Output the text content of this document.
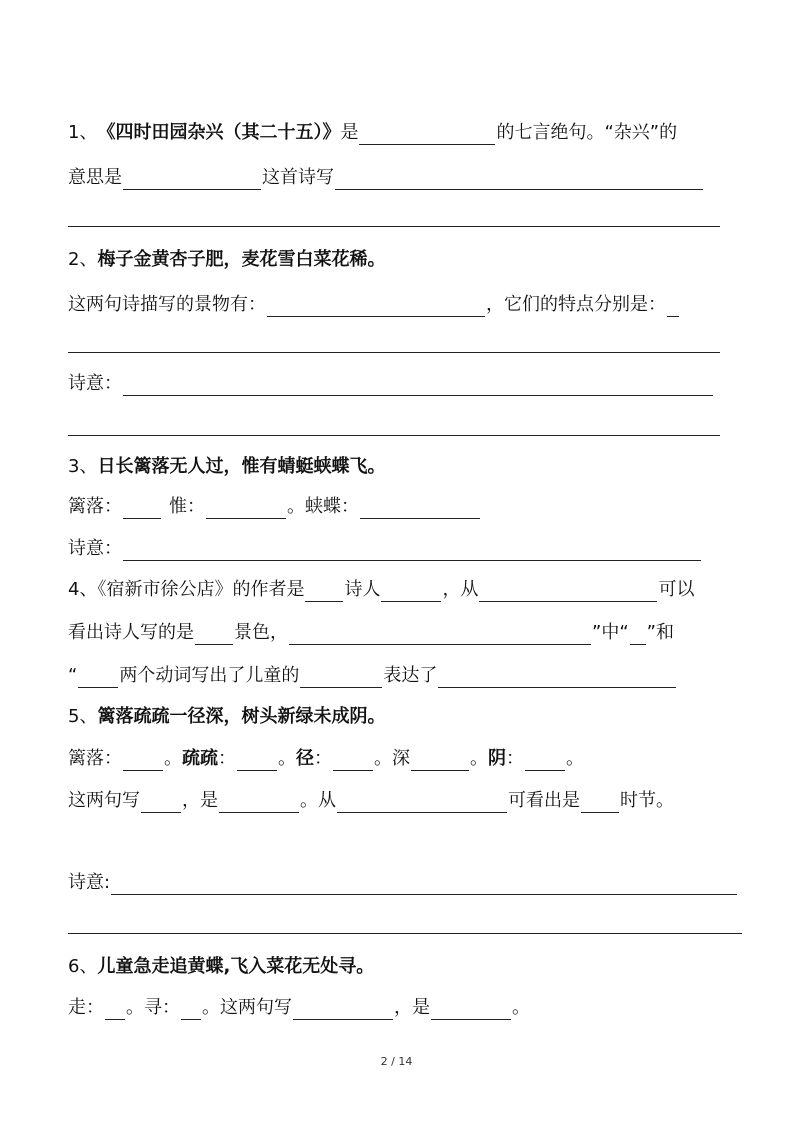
1、 《四时田园杂兴（其二十五）》 是	的七言绝句。“杂兴”的
意思是	这首诗写
2、 梅子金黄杏子肥，麦花雪白菜花稀。
这两句诗描写的景物有：	，它们的特点分别是：
诗意：
3、 日长篱落无人过，惟有蜻蜓蛱蝶飞。
篱落：	惟：	。蛱蝶：
诗意：
4、《宿新市徐公店》的作者是 诗人	，从	可以
看出诗人写的是 景色，	”中“ ”和
“ 两个动词写出了儿童的	表达了
5、 篱落疏疏一径深，树头新绿未成阴。
篱落： 。 疏疏 ： 。 径 ： 。深	。 阴 ： 。
这两句写 ，是	。从	可看出是 时节。
诗意:
6、 儿童急走追黄蝶,飞入菜花无处寻。
走： 。寻： 。这两句写	，是	。
2 / 14
